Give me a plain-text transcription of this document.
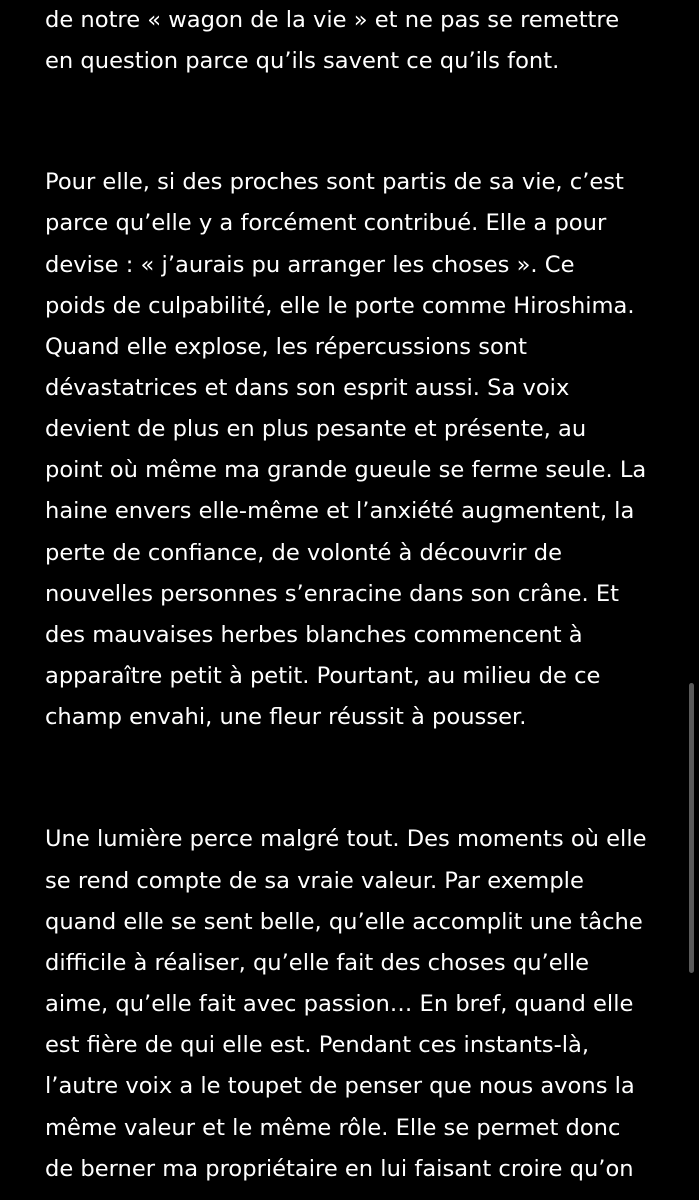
de notre « wagon de la vie » et ne pas se remettre
en question parce qu’ils savent ce qu’ils font.
Pour elle, si des proches sont partis de sa vie, c’est
parce qu’elle y a forcément contribué. Elle a pour
devise : « j’aurais pu arranger les choses ». Ce
poids de culpabilité, elle le porte comme Hiroshima.
Quand elle explose, les répercussions sont
dévastatrices et dans son esprit aussi. Sa voix
devient de plus en plus pesante et présente, au
point où même ma grande gueule se ferme seule. La
haine envers elle-même et l’anxiété augmentent, la
perte de confiance, de volonté à découvrir de
nouvelles personnes s’enracine dans son crâne. Et
des mauvaises herbes blanches commencent à
apparaître petit à petit. Pourtant, au milieu de ce
champ envahi, une fleur réussit à pousser.
Une lumière perce malgré tout. Des moments où elle
se rend compte de sa vraie valeur. Par exemple
quand elle se sent belle, qu’elle accomplit une tâche
difficile à réaliser, qu’elle fait des choses qu’elle
aime, qu’elle fait avec passion… En bref, quand elle
est fière de qui elle est. Pendant ces instants-là,
l’autre voix a le toupet de penser que nous avons la
même valeur et le même rôle. Elle se permet donc
de berner ma propriétaire en lui faisant croire qu’on
